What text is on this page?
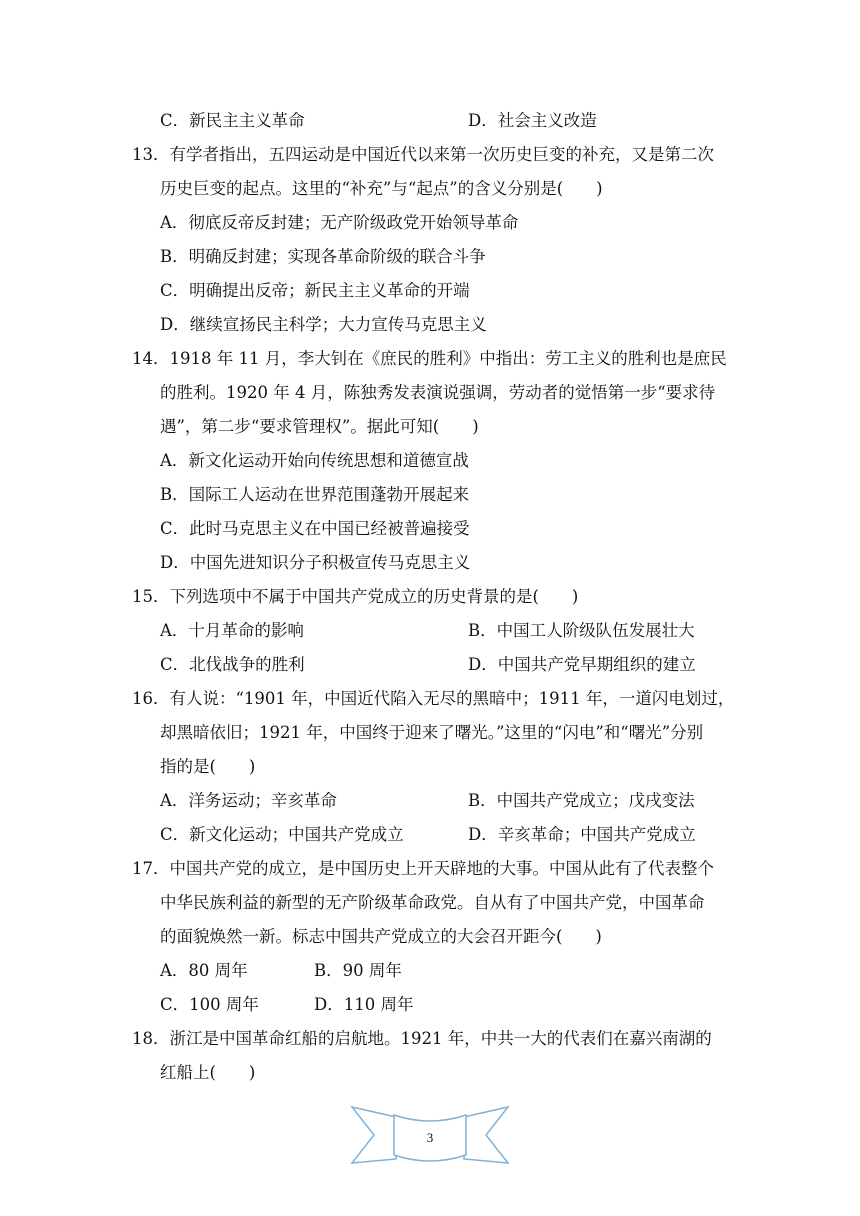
C．新民主主义革命	D．社会主义改造
13．有学者指出，五四运动是中国近代以来第一次历史巨变的补充，又是第二次
历史巨变的起点。这里的“补充”与“起点”的含义分别是(　　)
A．彻底反帝反封建；无产阶级政党开始领导革命
B．明确反封建；实现各革命阶级的联合斗争
C．明确提出反帝；新民主主义革命的开端
D．继续宣扬民主科学；大力宣传马克思主义
14．1918 年 11 月，李大钊在《庶民的胜利》中指出：劳工主义的胜利也是庶民
的胜利。1920 年 4 月，陈独秀发表演说强调，劳动者的觉悟第一步“要求待
遇”，第二步“要求管理权”。据此可知(　　)
A．新文化运动开始向传统思想和道德宣战
B．国际工人运动在世界范围蓬勃开展起来
C．此时马克思主义在中国已经被普遍接受
D．中国先进知识分子积极宣传马克思主义
15．下列选项中不属于中国共产党成立的历史背景的是(　　)
A．十月革命的影响	B．中国工人阶级队伍发展壮大
C．北伐战争的胜利	D．中国共产党早期组织的建立
16．有人说：“1901 年，中国近代陷入无尽的黑暗中；1911 年，一道闪电划过，
却黑暗依旧；1921 年，中国终于迎来了曙光。”这里的“闪电”和“曙光”分别
指的是(　　)
A．洋务运动；辛亥革命	B．中国共产党成立；戊戌变法
C．新文化运动；中国共产党成立	D．辛亥革命；中国共产党成立
17．中国共产党的成立，是中国历史上开天辟地的大事。中国从此有了代表整个
中华民族利益的新型的无产阶级革命政党。自从有了中国共产党，中国革命
的面貌焕然一新。标志中国共产党成立的大会召开距今(　　)
A．80 周年	B．90 周年
C．100 周年	D．110 周年
18．浙江是中国革命红船的启航地。1921 年，中共一大的代表们在嘉兴南湖的
红船上(　　)
3
